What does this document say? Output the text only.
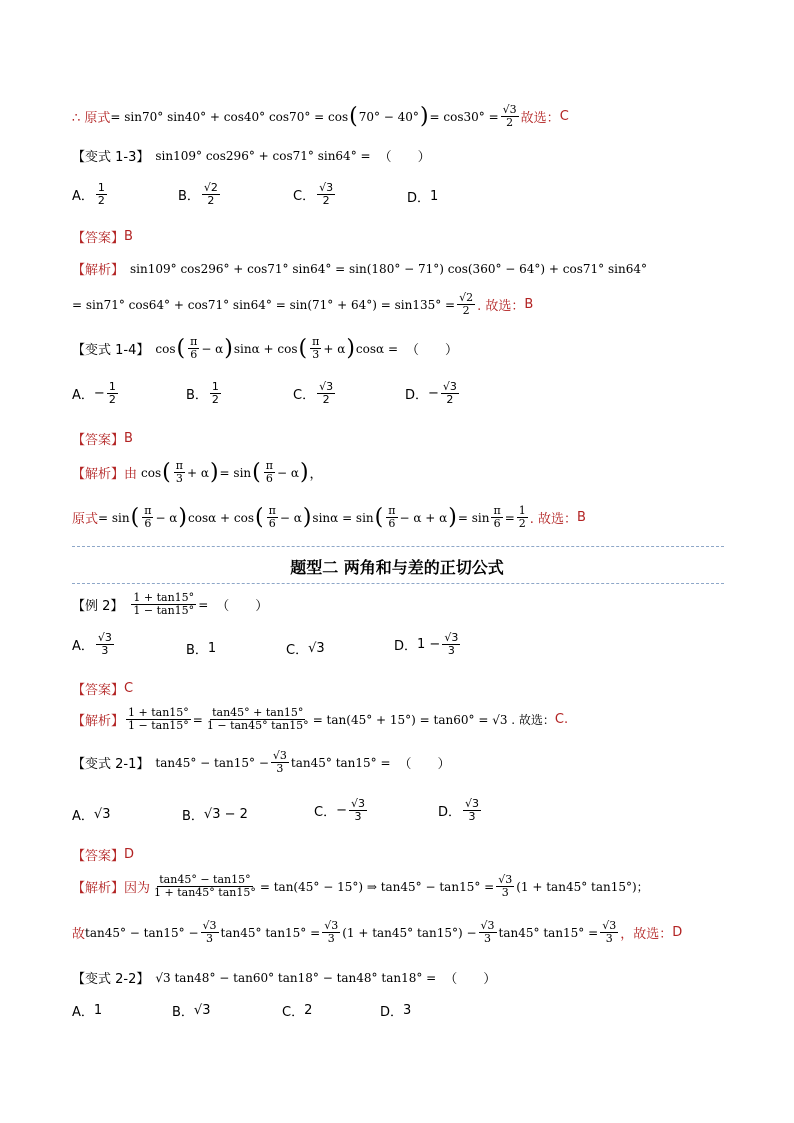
∴ 原式 = sin70° sin40° + cos40° cos70° = cos ( 70° − 40° ) = $\cos 30^\circ = \frac{√3}{2}$ 故选： C
【变式 1-3】 sin109° cos296° + cos71° sin64° = （　　）
A． $\frac{1}{2}$	B． $\frac{√2}{2}$	C． $\frac{√3}{2}$	D． 1
【答案】 B
【解析】 sin109° cos296° + cos71° sin64° = sin(180° − 71°) cos(360° − 64°) + cos71° sin64°
= sin71° cos64° + cos71° $\sin 64^\circ = \sin(71^\circ + 64^\circ) = \sin 135^\circ = \frac{√2}{2}$ . 故选： B
【变式 1-4】 cos ( $\frac{\pi}{6} - \alpha$ ) sinα + cos ( $\frac{\pi}{3} + \alpha$ ) cosα = （　　）
A． − $\frac{1}{2}$	B． $\frac{1}{2}$	C． $\frac{√3}{2}$	D． − $\frac{√3}{2}$
【答案】 B
【解析】 由 cos ( $\frac{\pi}{3} + \alpha$ ) = sin ( $\frac{\pi}{6} - \alpha$ ) ，
原式 = sin ( $\frac{\pi}{6} - \alpha$ ) cosα + cos ( $\frac{\pi}{6} - \alpha$ ) sinα = sin ( $\frac{\pi}{6} - \alpha + \alpha$ ) = $\sin \frac{\pi}{6} = \frac{1}{2}$ . 故选： B
题型二 两角和与差的正切公式
【例 2】 $\frac{1 + \tan 15^\circ}{1 - \tan 15^\circ}$ = （　　）
A． $\frac{√3}{3}$	B． 1	C． √3	D． $1 - \frac{√3}{3}$
【答案】 C
【解析】 $\frac{1 + \tan 15^\circ}{1 - \tan 15^\circ} = \frac{\tan 45^\circ + \tan 15^\circ}{1 - \tan 45^\circ \tan 15^\circ} = \tan(45^\circ + 15^\circ) = \tan 60^\circ = √3$ . 故选： C.
【变式 2-1】 $\tan 45^\circ - \tan 15^\circ - \frac{√3}{3} \tan 45^\circ$ tan15° = （　　）
A． √3	B． √3 − 2	C． − $\frac{√3}{3}$	D． $\frac{√3}{3}$
【答案】 D
【解析】 因为 $\frac{\tan 45^\circ - \tan 15^\circ}{1 + \tan 45^\circ \tan 15^\circ} = \tan(45^\circ - 15^\circ)$ ⇒ $\tan 45^\circ - \tan 15^\circ = \frac{√3}{3} (1 + \tan 45^\circ$ tan15°)；
故 $\tan 45^\circ - \tan 15^\circ - \frac{√3}{3} \tan 45^\circ$ $\tan 15^\circ = \frac{√3}{3} (1 + \tan 45^\circ$ $\tan 15^\circ) - \frac{√3}{3} \tan 45^\circ$ $\tan 15^\circ = \frac{√3}{3}$ ，故选： D
【变式 2-2】 √3 tan48° − tan60° tan18° − tan48° tan18° = （　　）
A． 1	B． √3	C． 2	D． 3
